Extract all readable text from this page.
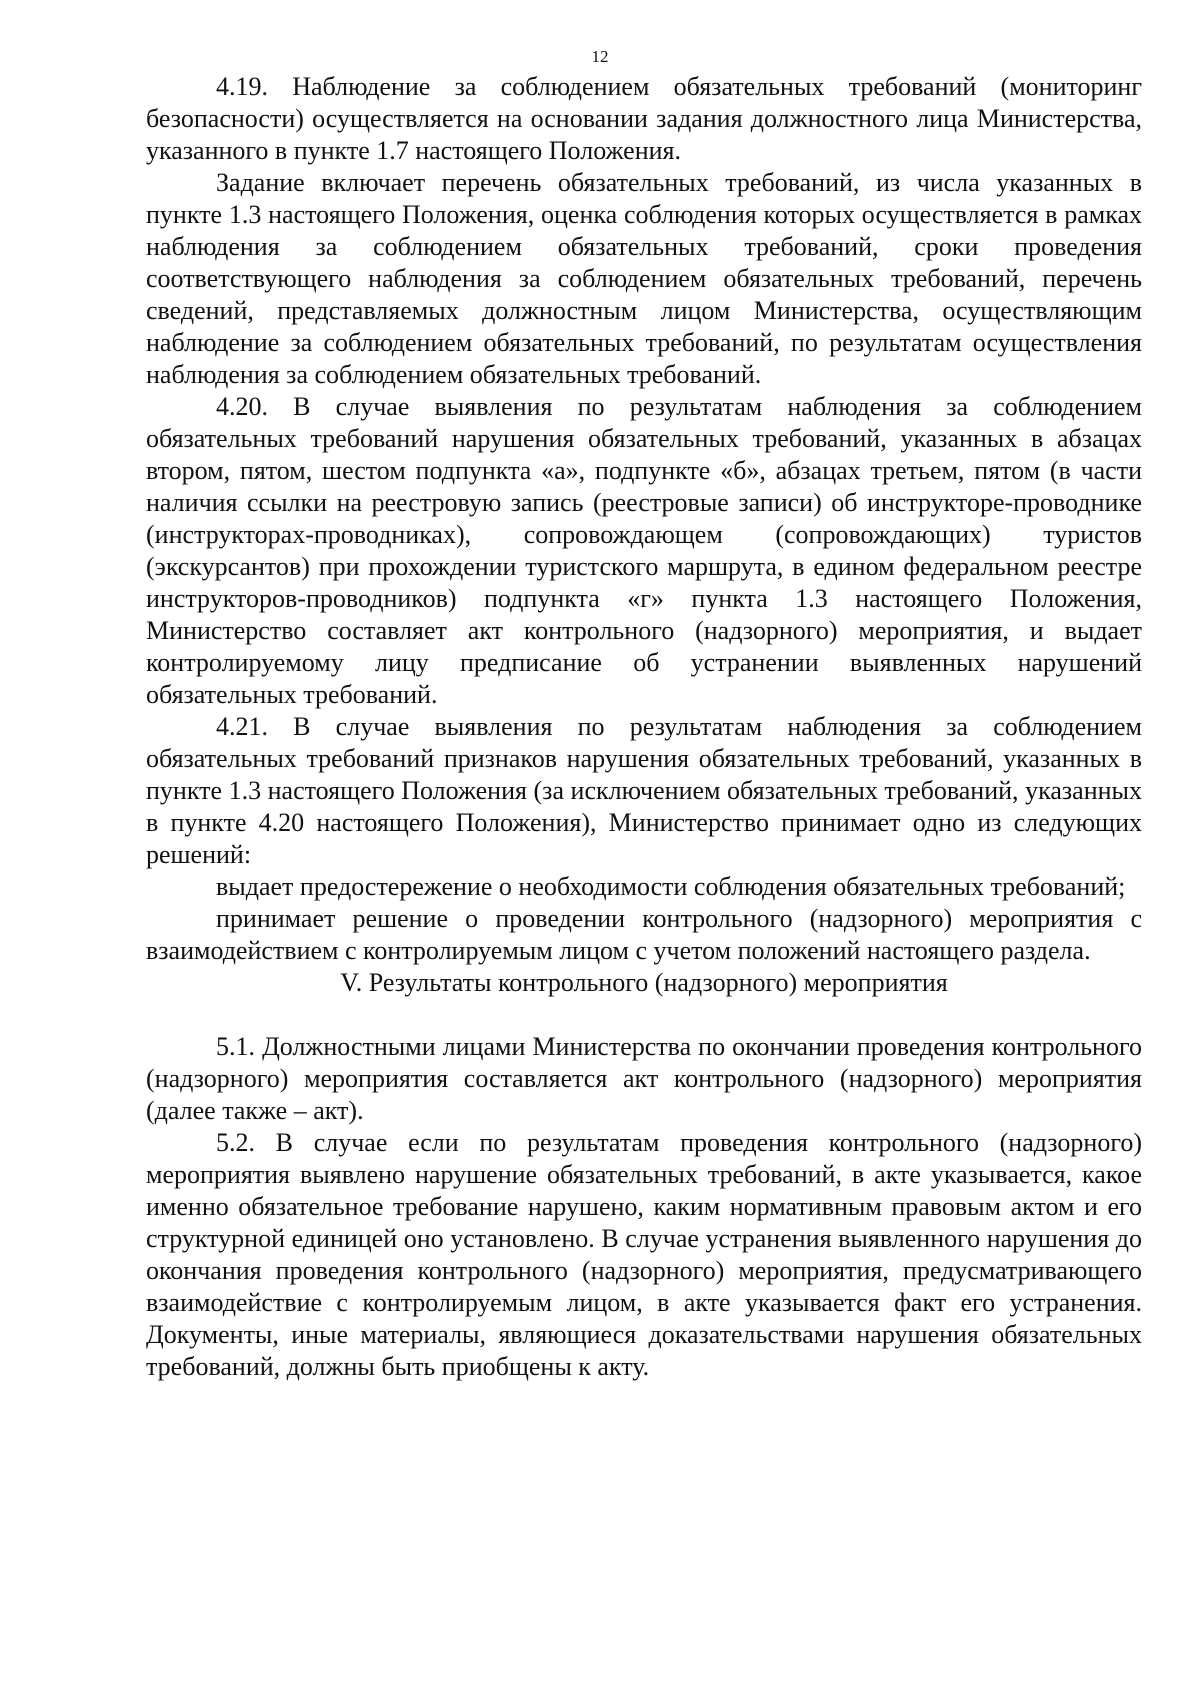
12

4.19. Наблюдение за соблюдением обязательных требований (мониторинг безопасности) осуществляется на основании задания должностного лица Министерства, указанного в пункте 1.7 настоящего Положения.

Задание включает перечень обязательных требований, из числа указанных в пункте 1.3 настоящего Положения, оценка соблюдения которых осуществляется в рамках наблюдения за соблюдением обязательных требований, сроки проведения соответствующего наблюдения за соблюдением обязательных требований, перечень сведений, представляемых должностным лицом Министерства, осуществляющим наблюдение за соблюдением обязательных требований, по результатам осуществления наблюдения за соблюдением обязательных требований.

4.20. В случае выявления по результатам наблюдения за соблюдением обязательных требований нарушения обязательных требований, указанных в абзацах втором, пятом, шестом подпункта «а», подпункте «б», абзацах третьем, пятом (в части наличия ссылки на реестровую запись (реестровые записи) об инструкторе-проводнике (инструкторах-проводниках), сопровождающем (сопровождающих) туристов (экскурсантов) при прохождении туристского маршрута, в едином федеральном реестре инструкторов-проводников) подпункта «г» пункта 1.3 настоящего Положения, Министерство составляет акт контрольного (надзорного) мероприятия, и выдает контролируемому лицу предписание об устранении выявленных нарушений обязательных требований.

4.21. В случае выявления по результатам наблюдения за соблюдением обязательных требований признаков нарушения обязательных требований, указанных в пункте 1.3 настоящего Положения (за исключением обязательных требований, указанных в пункте 4.20 настоящего Положения), Министерство принимает одно из следующих решений:

выдает предостережение о необходимости соблюдения обязательных требований;

принимает решение о проведении контрольного (надзорного) мероприятия с взаимодействием с контролируемым лицом с учетом положений настоящего раздела.

V. Результаты контрольного (надзорного) мероприятия

5.1. Должностными лицами Министерства по окончании проведения контрольного (надзорного) мероприятия составляется акт контрольного (надзорного) мероприятия (далее также – акт).

5.2. В случае если по результатам проведения контрольного (надзорного) мероприятия выявлено нарушение обязательных требований, в акте указывается, какое именно обязательное требование нарушено, каким нормативным правовым актом и его структурной единицей оно установлено. В случае устранения выявленного нарушения до окончания проведения контрольного (надзорного) мероприятия, предусматривающего взаимодействие с контролируемым лицом, в акте указывается факт его устранения. Документы, иные материалы, являющиеся доказательствами нарушения обязательных требований, должны быть приобщены к акту.
